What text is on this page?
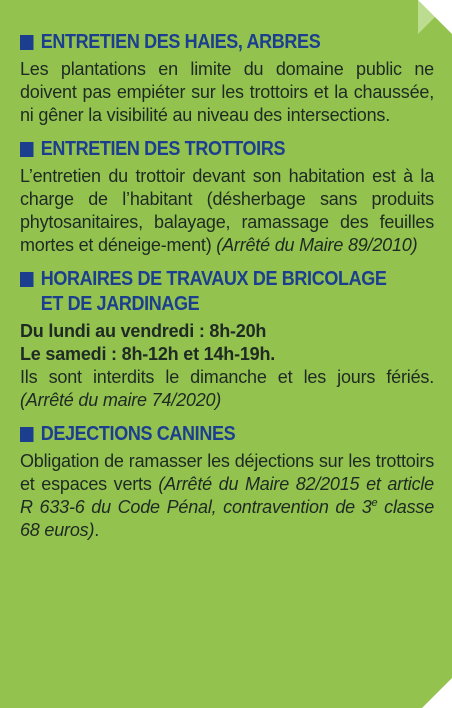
ENTRETIEN DES HAIES, ARBRES

Les plantations en limite du domaine public ne doivent pas empiéter sur les trottoirs et la chaussée, ni gêner la visibilité au niveau des intersections.

ENTRETIEN DES TROTTOIRS

L’entretien du trottoir devant son habitation est à la charge de l’habitant (désherbage sans produits phytosanitaires, balayage, ramassage des feuilles mortes et déneige-ment) (Arrêté du Maire 89/2010)

HORAIRES DE TRAVAUX DE BRICOLAGE
ET DE JARDINAGE

Du lundi au vendredi : 8h-20h

Le samedi : 8h-12h et 14h-19h.

Ils sont interdits le dimanche et les jours fériés. (Arrêté du maire 74/2020)

DEJECTIONS CANINES

Obligation de ramasser les déjections sur les trottoirs et espaces verts (Arrêté du Maire 82/2015 et article R 633-6 du Code Pénal, contravention de 3e classe 68 euros).
